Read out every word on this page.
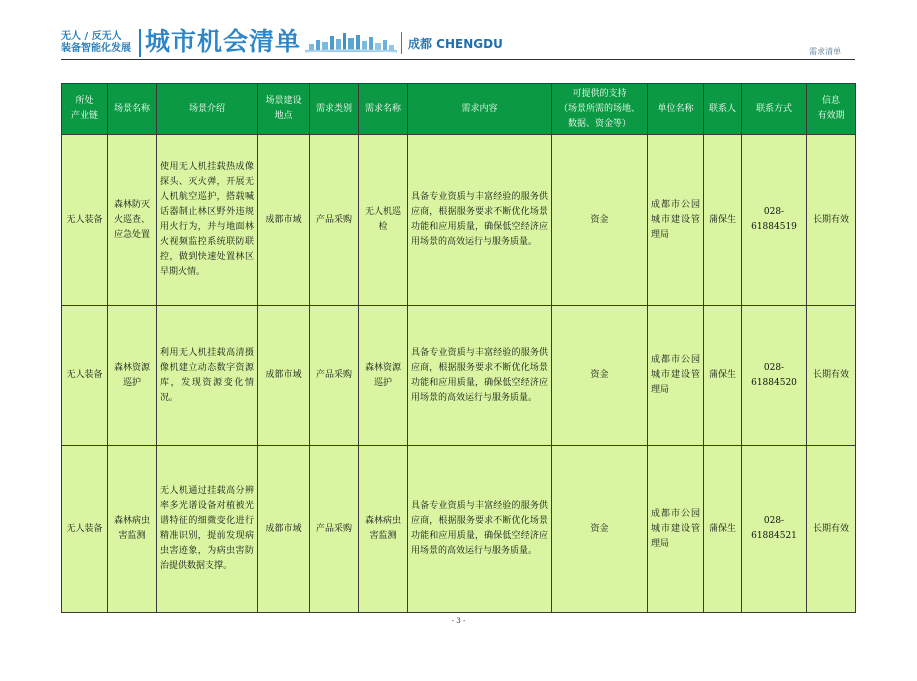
无人 / 反无人
装备智能化发展 城市机会清单	成都 CHENGDU
需求清单
所处
产业链	场景名称	场景介绍	场景建设
地点	需求类别	需求名称	需求内容	可提供的支持
（场景所需的场地、
数据、资金等）	单位名称	联系人	联系方式	信息
有效期
无人装备	森林防灭火巡查、应急处置	使用无人机挂载热成像探头、灭火弹，开展无人机航空巡护，搭载喊话器制止林区野外违规用火行为，并与地面林火视频监控系统联防联控，做到快速处置林区早期火情。	成都市域	产品采购	无人机巡检	具备专业资质与丰富经验的服务供应商，根据服务要求不断优化场景功能和应用质量，确保低空经济应用场景的高效运行与服务质量。	资金	成都市公园城市建设管理局	蒲保生	028-61884519	长期有效
无人装备	森林资源巡护	利用无人机挂载高清摄像机建立动态数字资源库，发现资源变化情况。	成都市域	产品采购	森林资源巡护	具备专业资质与丰富经验的服务供应商，根据服务要求不断优化场景功能和应用质量，确保低空经济应用场景的高效运行与服务质量。	资金	成都市公园城市建设管理局	蒲保生	028-61884520	长期有效
无人装备	森林病虫害监测	无人机通过挂载高分辨率多光谱设备对植被光谱特征的细微变化进行精准识别，提前发现病虫害迹象，为病虫害防治提供数据支撑。	成都市域	产品采购	森林病虫害监测	具备专业资质与丰富经验的服务供应商，根据服务要求不断优化场景功能和应用质量，确保低空经济应用场景的高效运行与服务质量。	资金	成都市公园城市建设管理局	蒲保生	028-61884521	长期有效
- 3 -
